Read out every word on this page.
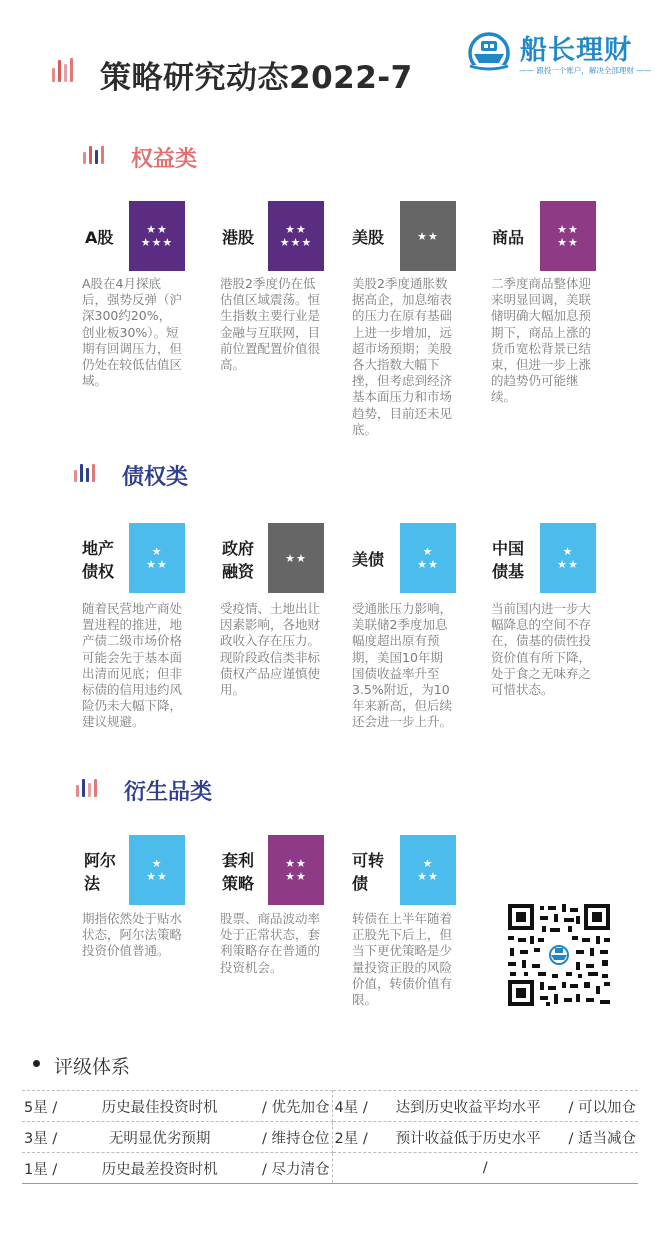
策略研究动态2022-7
船长理财
—— 跟投一个账户，解决全部理财 ——
权益类
A股	★★
★★★
A股在4月探底后，强势反弹（沪深300约20%，创业板30%）。短期有回调压力，但仍处在较低估值区域。
港股	★★
★★★
港股2季度仍在低估值区域震荡。恒生指数主要行业是金融与互联网，目前位置配置价值很高。
美股	★★
美股2季度通胀数据高企，加息缩表的压力在原有基础上进一步增加，远超市场预期；美股各大指数大幅下挫，但考虑到经济基本面压力和市场趋势，目前还未见底。
商品	★★
★★
二季度商品整体迎来明显回调，美联储明确大幅加息预期下，商品上涨的货币宽松背景已结束，但进一步上涨的趋势仍可能继续。
债权类
地产债权
★
★★
随着民营地产商处置进程的推进，地产债二级市场价格可能会先于基本面出清而见底；但非标债的信用违约风险仍未大幅下降，建议规避。
政府融资
★★
受疫情、土地出让因素影响，各地财政收入存在压力。现阶段政信类非标债权产品应谨慎使用。
美债	★
★★
受通胀压力影响，美联储2季度加息幅度超出原有预期，美国10年期国债收益率升至3.5%附近，为10年来新高，但后续还会进一步上升。
中国债基
★
★★
当前国内进一步大幅降息的空间不存在，债基的债性投资价值有所下降，处于食之无味弃之可惜状态。
衍生品类
阿尔法
★
★★
期指依然处于贴水状态，阿尔法策略投资价值普通。
套利策略
★★
★★
股票、商品波动率处于正常状态，套利策略存在普通的投资机会。
可转债
★
★★
转债在上半年随着正股先下后上，但当下更优策略是少量投资正股的风险价值，转债价值有限。
评级体系
5星 / 历史最佳投资时机 / 优先加仓	4星 / 达到历史收益平均水平 / 可以加仓

3星 / 无明显优劣预期 / 维持仓位	2星 / 预计收益低于历史水平 / 适当减仓

1星 / 历史最差投资时机 / 尽力清仓	/
